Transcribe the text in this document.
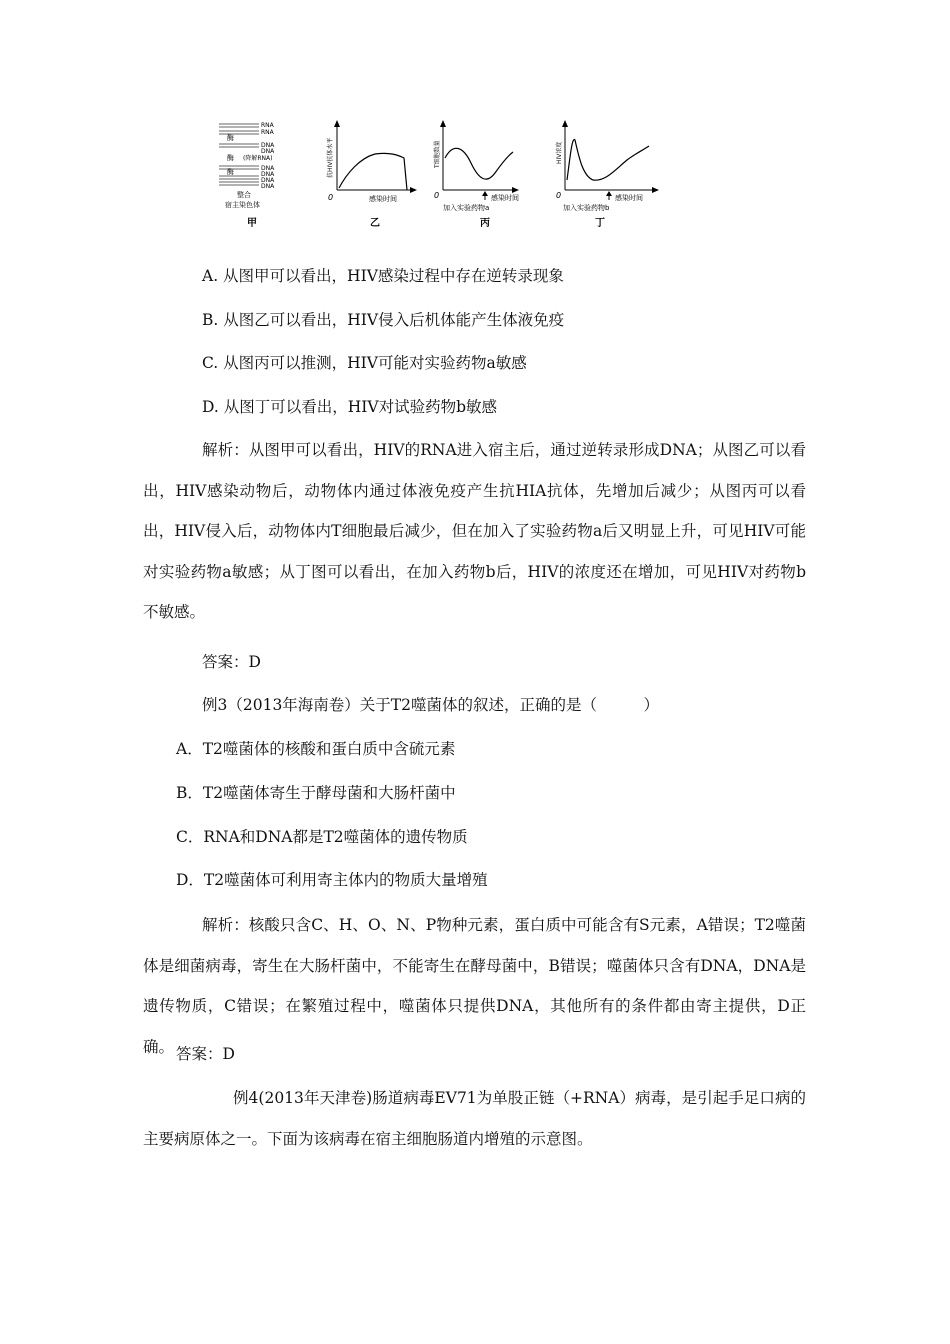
RNA
RNA
DNA
DNA
DNA
DNA
DNA
DNA
酶
酶 (降解RNA)
酶
整合
宿主染色体
甲
0	感染时间
抗HIV抗体水平
乙
0	感染时间
加入实验药物a
T细胞数量
丙
0	感染时间
加入实验药物b
HIV浓度
丁
A. 从图甲可以看出，HIV感染过程中存在逆转录现象
B. 从图乙可以看出，HIV侵入后机体能产生体液免疫
C. 从图丙可以推测，HIV可能对实验药物a敏感
D. 从图丁可以看出，HIV对试验药物b敏感
解析：从图甲可以看出，HIV的RNA进入宿主后，通过逆转录形成DNA；从图乙可以看出，HIV感染动物后，动物体内通过体液免疫产生抗HIA抗体，先增加后减少；从图丙可以看出，HIV侵入后，动物体内T细胞最后减少，但在加入了实验药物a后又明显上升，可见HIV可能对实验药物a敏感；从丁图可以看出，在加入药物b后，HIV的浓度还在增加，可见HIV对药物b不敏感。
答案：D
例3（2013年海南卷）关于T2噬菌体的叙述，正确的是（　　　）
A．T2噬菌体的核酸和蛋白质中含硫元素
B．T2噬菌体寄生于酵母菌和大肠杆菌中
C．RNA和DNA都是T2噬菌体的遗传物质
D．T2噬菌体可利用寄主体内的物质大量增殖
解析：核酸只含C、H、O、N、P物种元素，蛋白质中可能含有S元素，A错误；T2噬菌体是细菌病毒，寄生在大肠杆菌中，不能寄生在酵母菌中，B错误；噬菌体只含有DNA，DNA是遗传物质，C错误；在繁殖过程中，噬菌体只提供DNA，其他所有的条件都由寄主提供，D正确。 答案：D
例4(2013年天津卷)肠道病毒EV71为单股正链（+RNA）病毒，是引起手足口病的主要病原体之一。下面为该病毒在宿主细胞肠道内增殖的示意图。
